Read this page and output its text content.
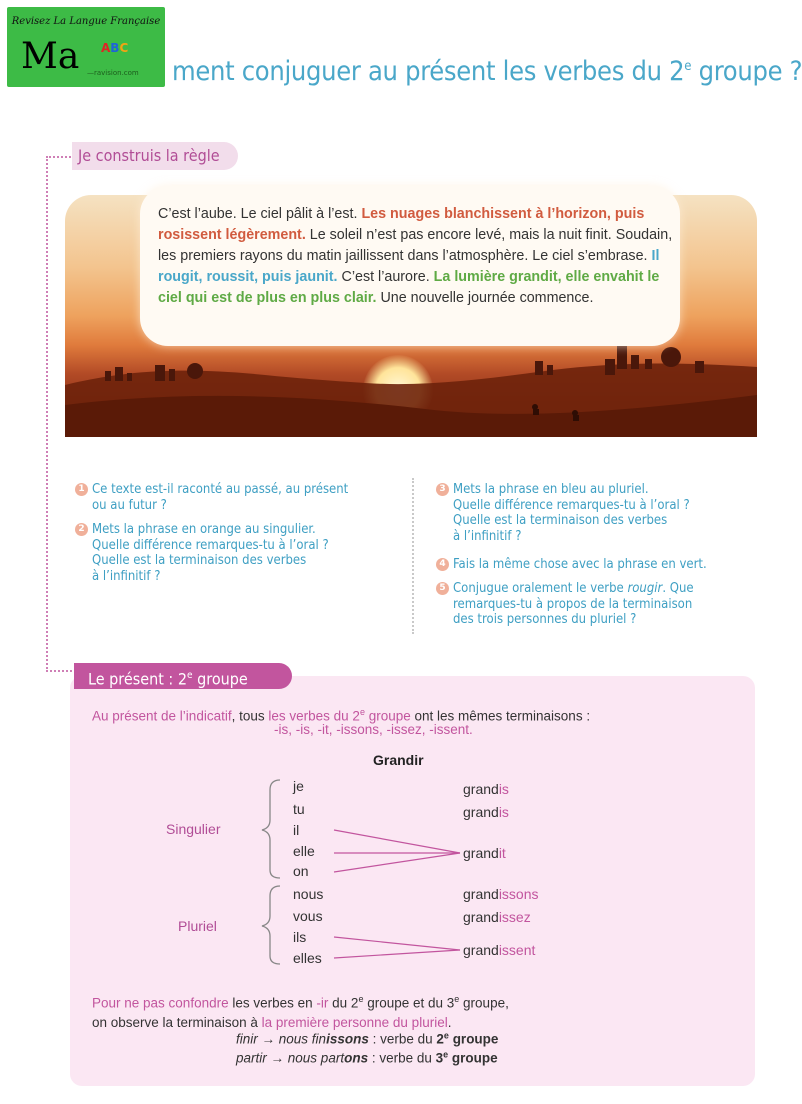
Revisez La Langue Française
Ma ABC
—ravision.com ment conjuguer au présent les verbes du 2e groupe ?
Je construis la règle
C’est l’aube. Le ciel pâlit à l’est. Les nuages blanchissent à l’horizon, puis rosissent légèrement. Le soleil n’est pas encore levé, mais la nuit finit. Soudain, les premiers rayons du matin jaillissent dans l’atmosphère. Le ciel s’embrase. Il rougit, roussit, puis jaunit. C’est l’aurore. La lumière grandit, elle envahit le ciel qui est de plus en plus clair. Une nouvelle journée commence.
1 Ce texte est-il raconté au passé, au présent
ou au futur ?
2 Mets la phrase en orange au singulier.
Quelle différence remarques-tu à l’oral ?
Quelle est la terminaison des verbes
à l’infinitif ?
3 Mets la phrase en bleu au pluriel.
Quelle différence remarques-tu à l’oral ?
Quelle est la terminaison des verbes
à l’infinitif ?
4 Fais la même chose avec la phrase en vert.
5 Conjugue oralement le verbe rougir. Que
remarques-tu à propos de la terminaison
des trois personnes du pluriel ?
Le présent : 2e groupe
Au présent de l’indicatif, tous les verbes du 2e groupe ont les mêmes terminaisons :
-is, -is, -it, -issons, -issez, -issent.
Grandir
Singulier
Pluriel
je
tu
il
elle
on
nous
vous
ils
elles
grandis
grandis
grandit
grandissons
grandissez
grandissent
Pour ne pas confondre les verbes en -ir du 2e groupe et du 3e groupe,
on observe la terminaison à la première personne du pluriel.
finir → nous finissons : verbe du 2e groupe
partir → nous partons : verbe du 3e groupe
